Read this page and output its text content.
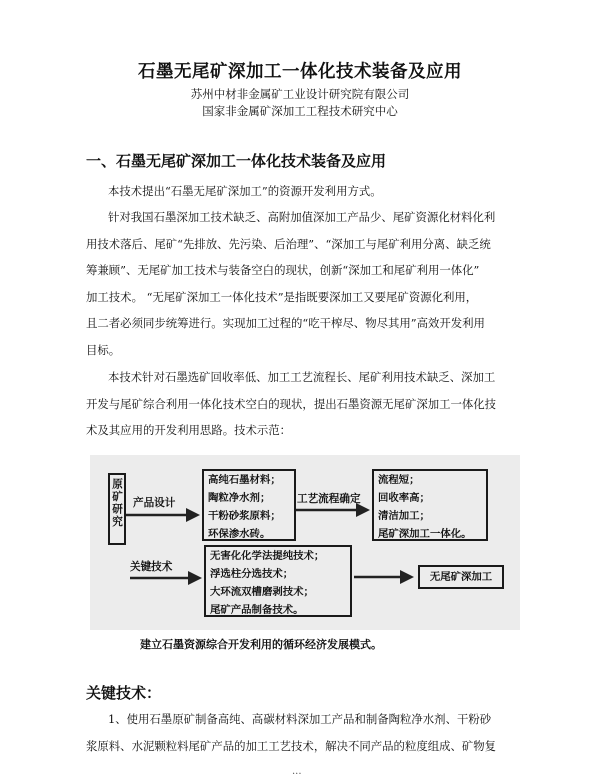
石墨无尾矿深加工一体化技术装备及应用
苏州中材非金属矿工业设计研究院有限公司
国家非金属矿深加工工程技术研究中心
一、石墨无尾矿深加工一体化技术装备及应用
本技术提出“石墨无尾矿深加工”的资源开发利用方式。
针对我国石墨深加工技术缺乏、高附加值深加工产品少、尾矿资源化材料化利
用技术落后、尾矿“先排放、先污染、后治理”、“深加工与尾矿利用分离、缺乏统
筹兼顾”、无尾矿加工技术与装备空白的现状，创新“深加工和尾矿利用一体化”
加工技术。 “无尾矿深加工一体化技术”是指既要深加工又要尾矿资源化利用，
且二者必须同步统筹进行。实现加工过程的“吃干榨尽、物尽其用”高效开发利用
目标。
本技术针对石墨选矿回收率低、加工工艺流程长、尾矿利用技术缺乏、深加工
开发与尾矿综合利用一体化技术空白的现状，提出石墨资源无尾矿深加工一体化技
术及其应用的开发利用思路。技术示范：
原矿研究 产品设计
高纯石墨材料；
陶粒净水剂；
干粉砂浆原料；
环保渗水砖。
工艺流程确定
流程短；
回收率高；
清洁加工；
尾矿深加工一体化。
关键技术
无害化化学法提纯技术；
浮选柱分选技术；
大环流双槽磨剥技术；
尾矿产品制备技术。
无尾矿深加工
建立石墨资源综合开发利用的循环经济发展模式。
关键技术：
1、使用石墨原矿制备高纯、高碳材料深加工产品和制备陶粒净水剂、干粉砂
浆原料、水泥颗粒料尾矿产品的加工工艺技术，解决不同产品的粒度组成、矿物复
...
